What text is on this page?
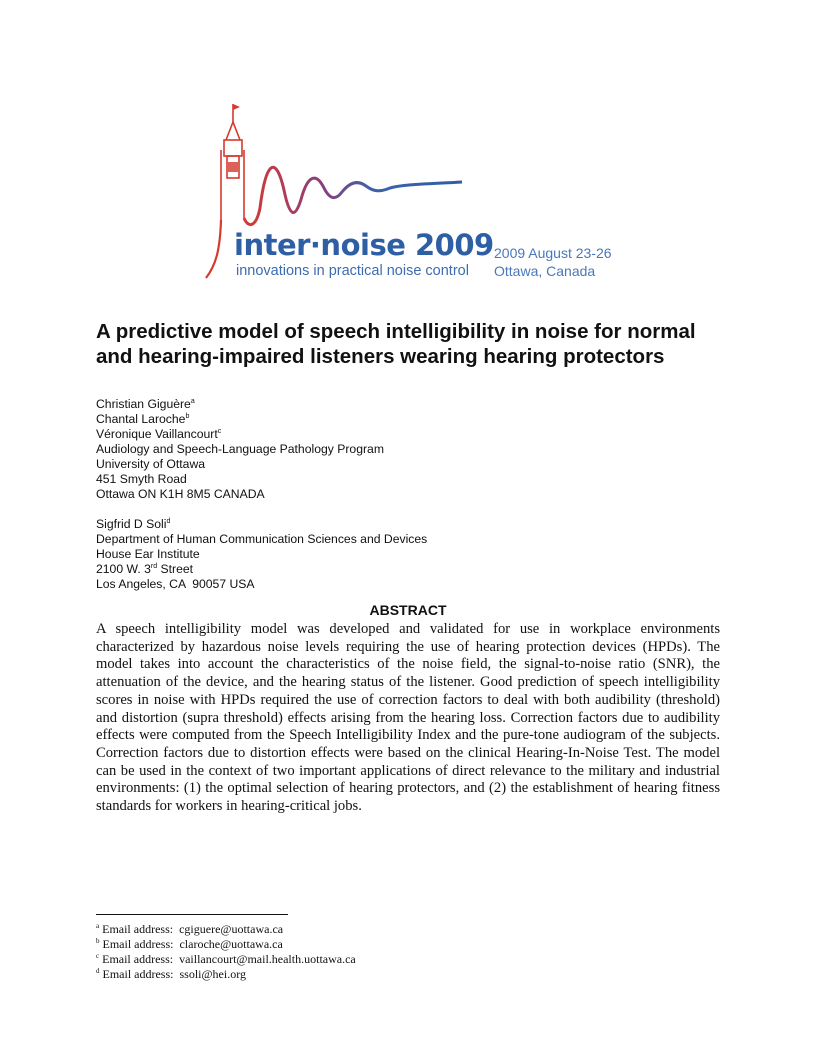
inter·noise 2009
innovations in practical noise control
2009 August 23-26
Ottawa, Canada
A predictive model of speech intelligibility in noise for normal
and hearing-impaired listeners wearing hearing protectors
Christian Giguère$^a$
Chantal Laroche$^b$
Véronique Vaillancourt$^c$
Audiology and Speech-Language Pathology Program
University of Ottawa
451 Smyth Road
Ottawa ON K1H 8M5 CANADA
Sigfrid D Soli$^d$
Department of Human Communication Sciences and Devices
House Ear Institute
2100 W. 3rd Street
Los Angeles, CA  90057 USA
ABSTRACT
A speech intelligibility model was developed and validated for use in workplace environments characterized by hazardous noise levels requiring the use of hearing protection devices (HPDs). The model takes into account the characteristics of the noise field, the signal-to-noise ratio (SNR), the attenuation of the device, and the hearing status of the listener. Good prediction of speech intelligibility scores in noise with HPDs required the use of correction factors to deal with both audibility (threshold) and distortion (supra threshold) effects arising from the hearing loss. Correction factors due to audibility effects were computed from the Speech Intelligibility Index and the pure-tone audiogram of the subjects. Correction factors due to distortion effects were based on the clinical Hearing-In-Noise Test. The model can be used in the context of two important applications of direct relevance to the military and industrial environments: (1) the optimal selection of hearing protectors, and (2) the establishment of hearing fitness standards for workers in hearing-critical jobs.
$^a$ Email address: cgiguere@uottawa.ca
$^b$ Email address: claroche@uottawa.ca
$^c$ Email address: vaillancourt@mail.health.uottawa.ca
$^d$ Email address: ssoli@hei.org
